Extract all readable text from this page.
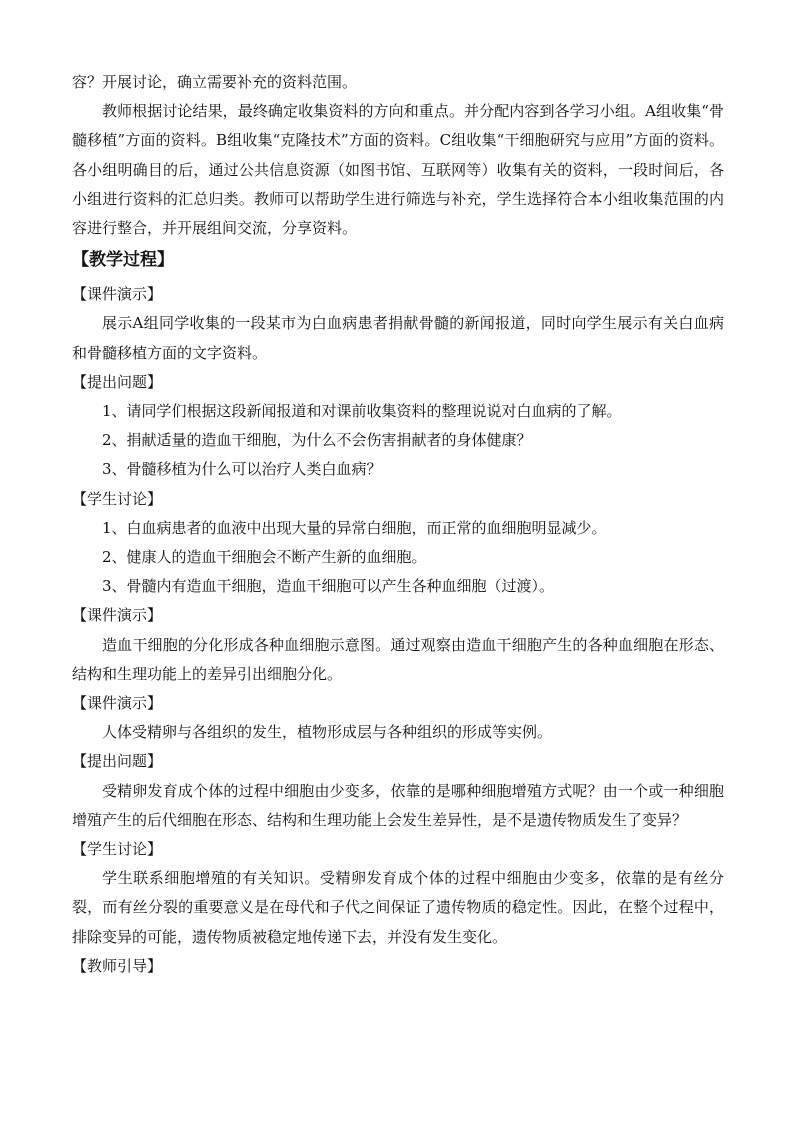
容？开展讨论，确立需要补充的资料范围。

教师根据讨论结果，最终确定收集资料的方向和重点。并分配内容到各学习小组。A组收集“骨髓移植”方面的资料。B组收集“克隆技术”方面的资料。C组收集“干细胞研究与应用”方面的资料。各小组明确目的后，通过公共信息资源（如图书馆、互联网等）收集有关的资料，一段时间后，各小组进行资料的汇总归类。教师可以帮助学生进行筛选与补充，学生选择符合本小组收集范围的内容进行整合，并开展组间交流，分享资料。

【教学过程】

【课件演示】

展示A组同学收集的一段某市为白血病患者捐献骨髓的新闻报道，同时向学生展示有关白血病和骨髓移植方面的文字资料。

【提出问题】

1、请同学们根据这段新闻报道和对课前收集资料的整理说说对白血病的了解。

2、捐献适量的造血干细胞，为什么不会伤害捐献者的身体健康？

3、骨髓移植为什么可以治疗人类白血病？

【学生讨论】

1、白血病患者的血液中出现大量的异常白细胞，而正常的血细胞明显减少。

2、健康人的造血干细胞会不断产生新的血细胞。

3、骨髓内有造血干细胞，造血干细胞可以产生各种血细胞（过渡）。

【课件演示】

造血干细胞的分化形成各种血细胞示意图。通过观察由造血干细胞产生的各种血细胞在形态、结构和生理功能上的差异引出细胞分化。

【课件演示】

人体受精卵与各组织的发生，植物形成层与各种组织的形成等实例。

【提出问题】

受精卵发育成个体的过程中细胞由少变多，依靠的是哪种细胞增殖方式呢？由一个或一种细胞增殖产生的后代细胞在形态、结构和生理功能上会发生差异性，是不是遗传物质发生了变异？

【学生讨论】

学生联系细胞增殖的有关知识。受精卵发育成个体的过程中细胞由少变多，依靠的是有丝分裂，而有丝分裂的重要意义是在母代和子代之间保证了遗传物质的稳定性。因此，在整个过程中，排除变异的可能，遗传物质被稳定地传递下去，并没有发生变化。

【教师引导】
